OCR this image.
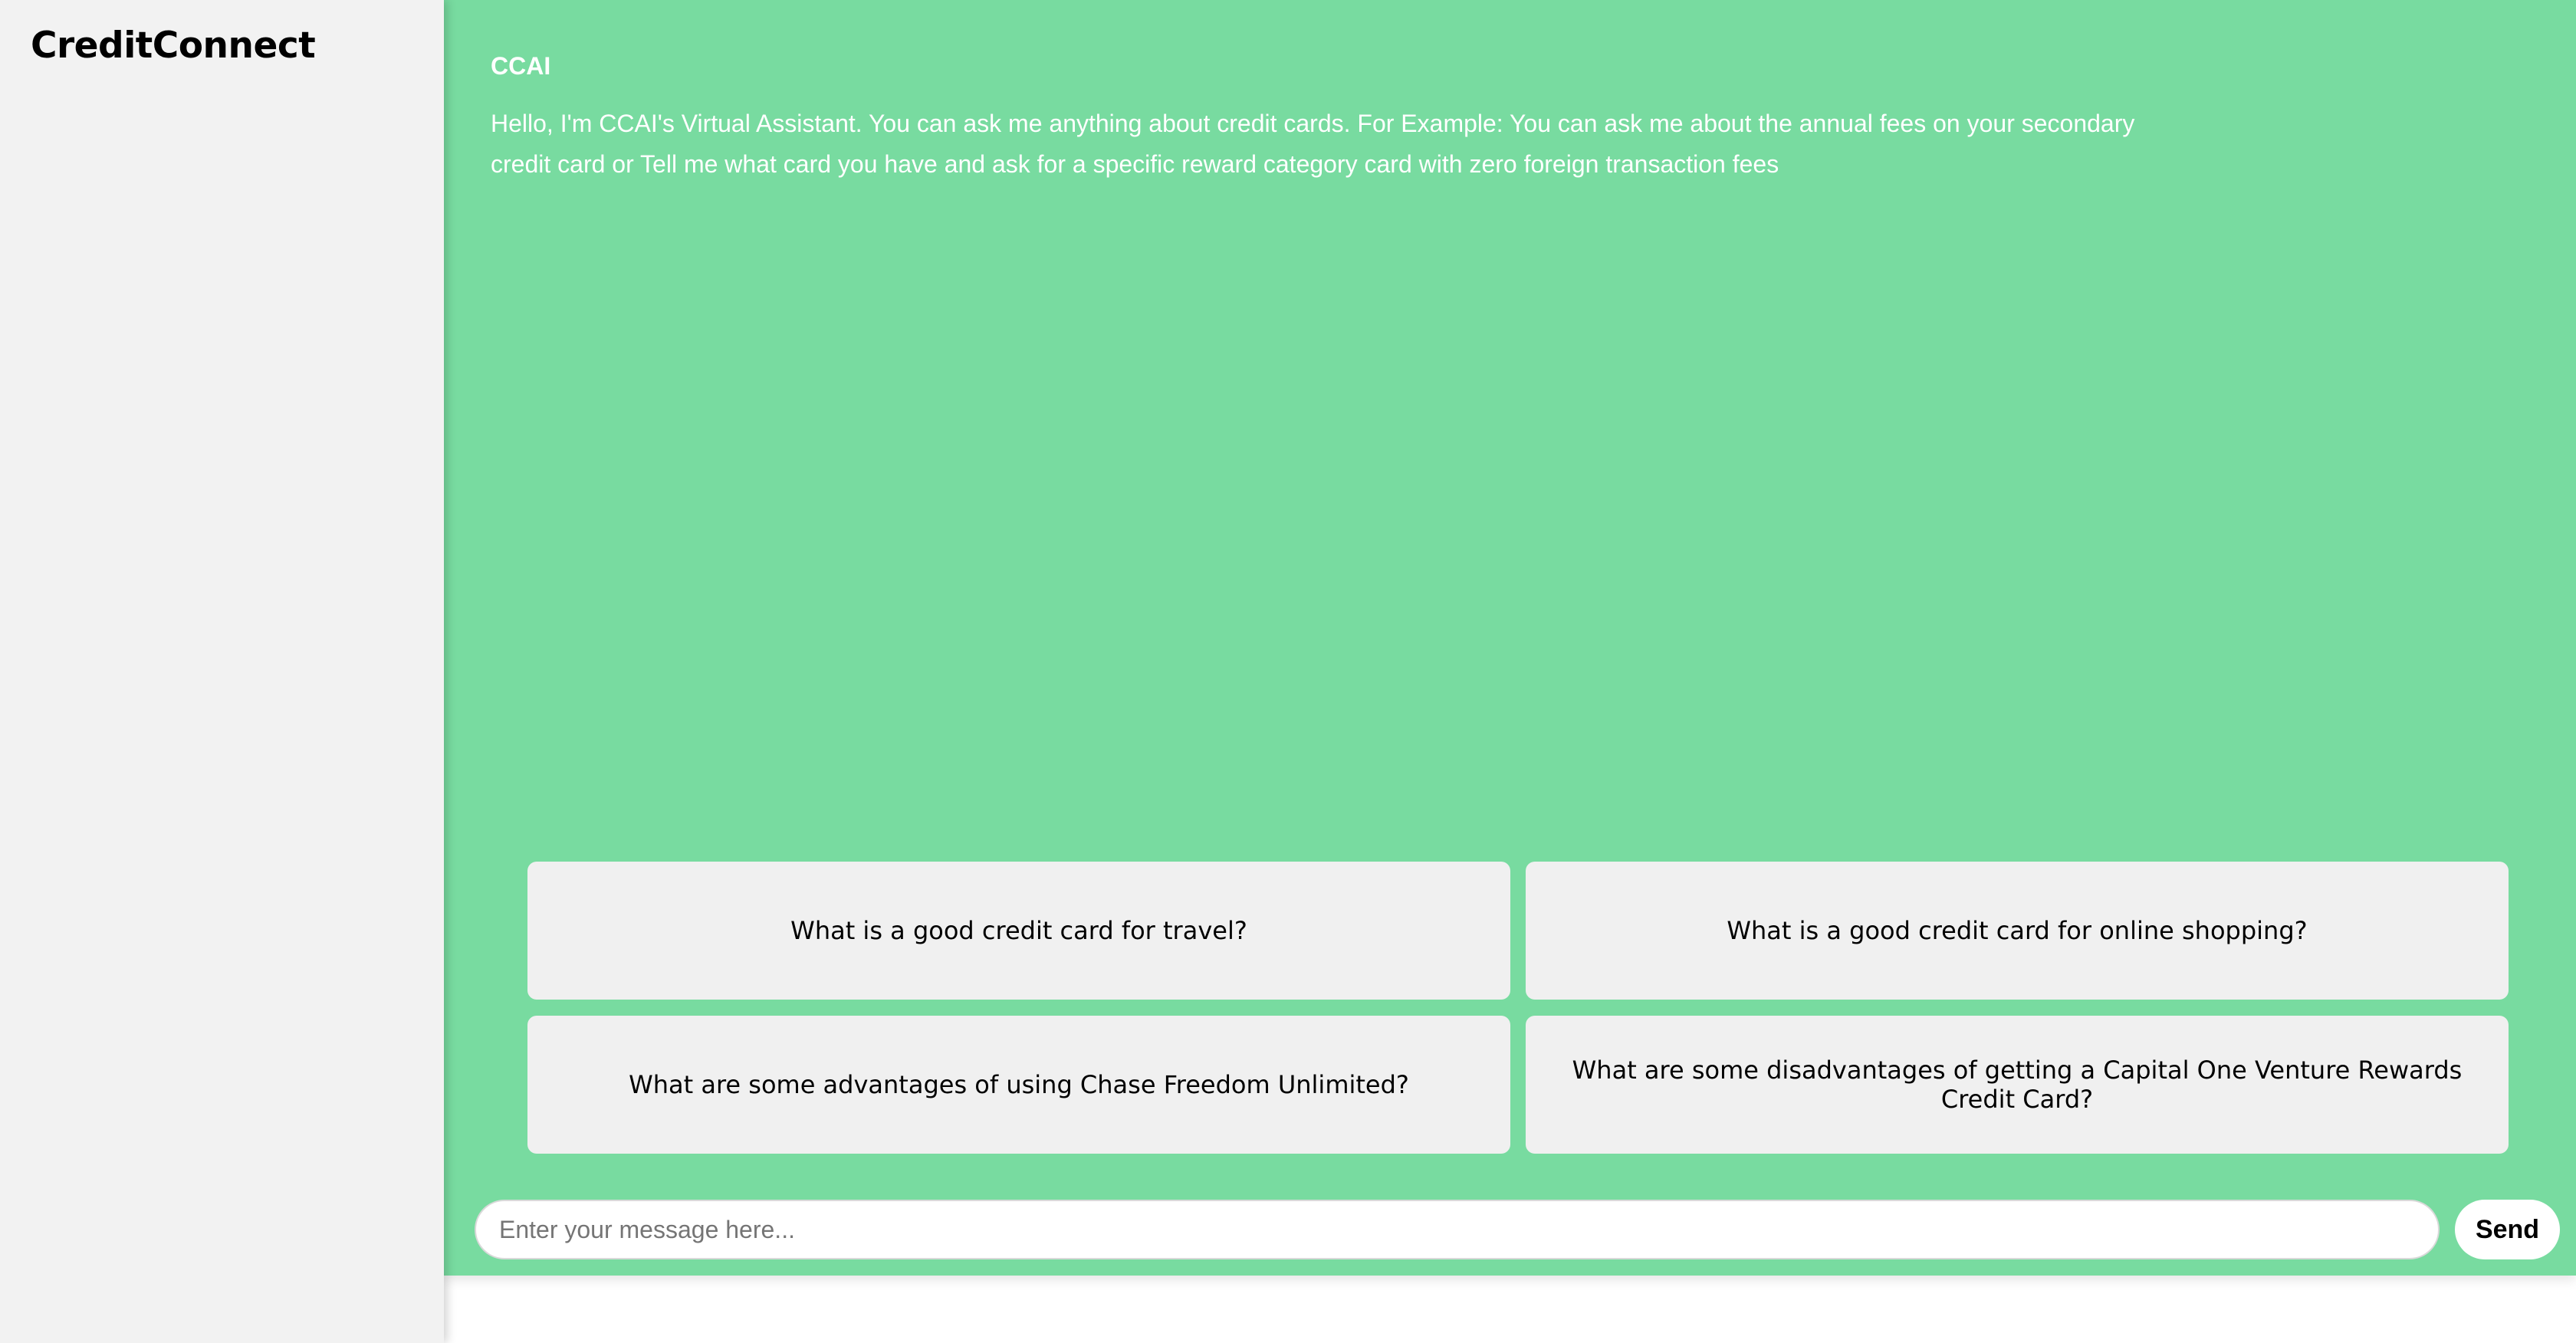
CreditConnect	CCAI
Hello, I'm CCAI's Virtual Assistant. You can ask me anything about credit cards. For Example: You can ask me about the annual fees on your secondary credit card or Tell me what card you have and ask for a specific reward category card with zero foreign transaction fees
What is a good credit card for travel?	What is a good credit card for online shopping?
What are some advantages of using Chase Freedom Unlimited?	What are some disadvantages of getting a Capital One Venture Rewards Credit Card?
Enter your message here...
Send
